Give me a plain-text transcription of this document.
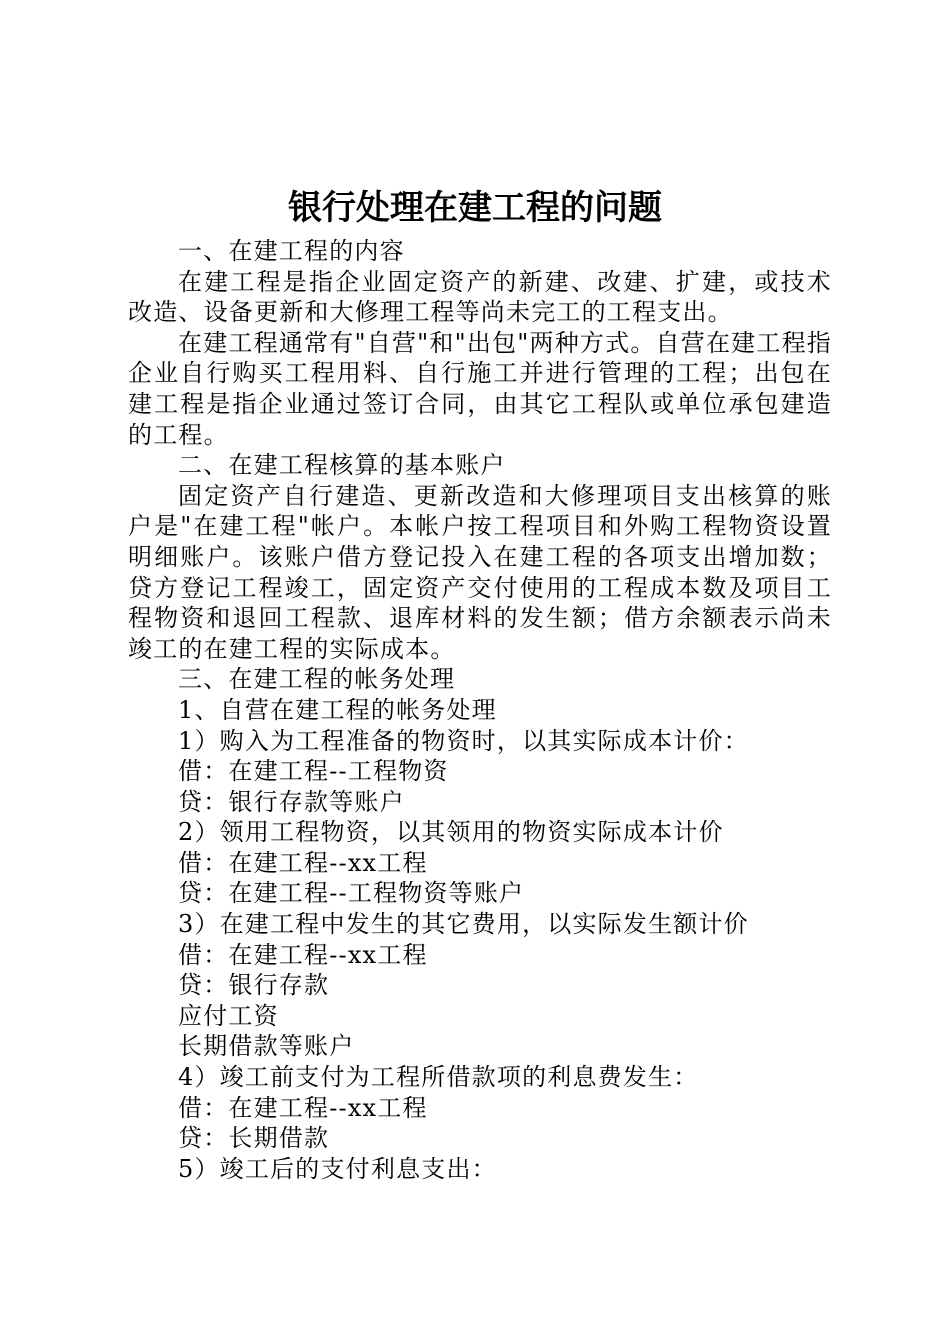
银行处理在建工程的问题

一、在建工程的内容

在建工程是指企业固定资产的新建、改建、扩建，或技术改造、设备更新和大修理工程等尚未完工的工程支出。

在建工程通常有"自营"和"出包"两种方式。自营在建工程指企业自行购买工程用料、自行施工并进行管理的工程；出包在建工程是指企业通过签订合同，由其它工程队或单位承包建造的工程。

二、在建工程核算的基本账户

固定资产自行建造、更新改造和大修理项目支出核算的账户是"在建工程"帐户。本帐户按工程项目和外购工程物资设置明细账户。该账户借方登记投入在建工程的各项支出增加数；贷方登记工程竣工，固定资产交付使用的工程成本数及项目工程物资和退回工程款、退库材料的发生额；借方余额表示尚未竣工的在建工程的实际成本。

三、在建工程的帐务处理

1、自营在建工程的帐务处理

1）购入为工程准备的物资时，以其实际成本计价：

借：在建工程--工程物资

贷：银行存款等账户

2）领用工程物资，以其领用的物资实际成本计价

借：在建工程--xx工程

贷：在建工程--工程物资等账户

3）在建工程中发生的其它费用，以实际发生额计价

借：在建工程--xx工程

贷：银行存款

应付工资

长期借款等账户

4）竣工前支付为工程所借款项的利息费发生：

借：在建工程--xx工程

贷：长期借款

5）竣工后的支付利息支出：
